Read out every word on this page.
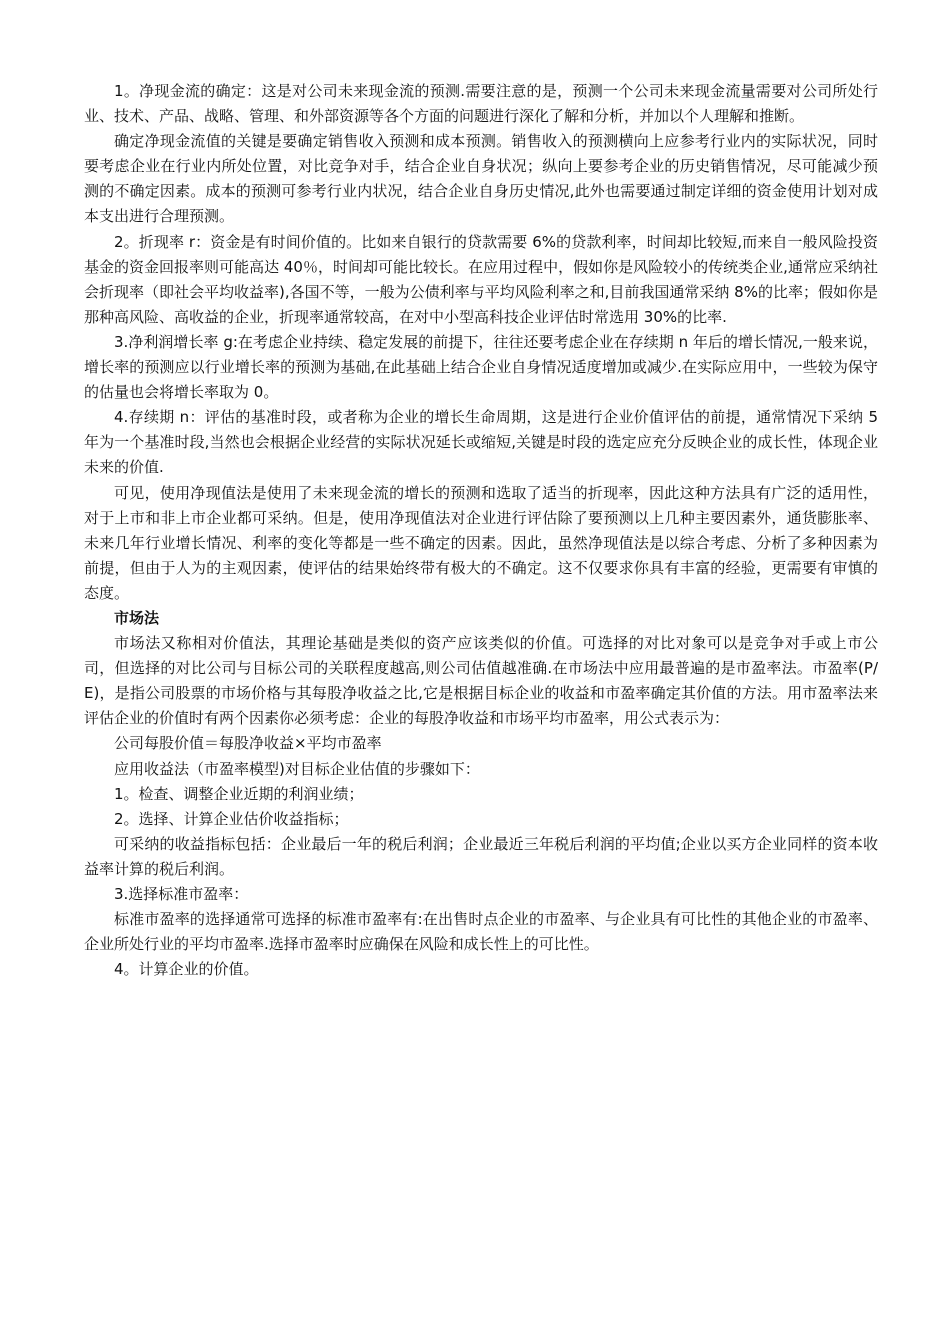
1。净现金流的确定：这是对公司未来现金流的预测.需要注意的是，预测一个公司未来现金流量需要对公司所处行业、技术、产品、战略、管理、和外部资源等各个方面的问题进行深化了解和分析，并加以个人理解和推断。

确定净现金流值的关键是要确定销售收入预测和成本预测。销售收入的预测横向上应参考行业内的实际状况，同时要考虑企业在行业内所处位置，对比竞争对手，结合企业自身状况；纵向上要参考企业的历史销售情况，尽可能减少预测的不确定因素。成本的预测可参考行业内状况，结合企业自身历史情况,此外也需要通过制定详细的资金使用计划对成本支出进行合理预测。

2。折现率 r：资金是有时间价值的。比如来自银行的贷款需要 6%的贷款利率，时间却比较短,而来自一般风险投资基金的资金回报率则可能高达 40％，时间却可能比较长。在应用过程中，假如你是风险较小的传统类企业,通常应采纳社会折现率（即社会平均收益率),各国不等，一般为公债利率与平均风险利率之和,目前我国通常采纳 8%的比率；假如你是那种高风险、高收益的企业，折现率通常较高，在对中小型高科技企业评估时常选用 30%的比率.

3.净利润增长率 g:在考虑企业持续、稳定发展的前提下，往往还要考虑企业在存续期 n 年后的增长情况,一般来说，增长率的预测应以行业增长率的预测为基础,在此基础上结合企业自身情况适度增加或减少.在实际应用中，一些较为保守的估量也会将增长率取为 0。

4.存续期 n：评估的基准时段，或者称为企业的增长生命周期，这是进行企业价值评估的前提，通常情况下采纳 5 年为一个基准时段,当然也会根据企业经营的实际状况延长或缩短,关键是时段的选定应充分反映企业的成长性，体现企业未来的价值.

可见，使用净现值法是使用了未来现金流的增长的预测和选取了适当的折现率，因此这种方法具有广泛的适用性，对于上市和非上市企业都可采纳。但是，使用净现值法对企业进行评估除了要预测以上几种主要因素外，通货膨胀率、未来几年行业增长情况、利率的变化等都是一些不确定的因素。因此，虽然净现值法是以综合考虑、分析了多种因素为前提，但由于人为的主观因素，使评估的结果始终带有极大的不确定。这不仅要求你具有丰富的经验，更需要有审慎的态度。

市场法

市场法又称相对价值法，其理论基础是类似的资产应该类似的价值。可选择的对比对象可以是竞争对手或上市公司，但选择的对比公司与目标公司的关联程度越高,则公司估值越准确.在市场法中应用最普遍的是市盈率法。市盈率(P/E)，是指公司股票的市场价格与其每股净收益之比,它是根据目标企业的收益和市盈率确定其价值的方法。用市盈率法来评估企业的价值时有两个因素你必须考虑：企业的每股净收益和市场平均市盈率，用公式表示为：

公司每股价值＝每股净收益×平均市盈率

应用收益法（市盈率模型)对目标企业估值的步骤如下：

1。检查、调整企业近期的利润业绩；

2。选择、计算企业估价收益指标；

可采纳的收益指标包括：企业最后一年的税后利润；企业最近三年税后利润的平均值;企业以买方企业同样的资本收益率计算的税后利润。

3.选择标准市盈率：

标准市盈率的选择通常可选择的标准市盈率有:在出售时点企业的市盈率、与企业具有可比性的其他企业的市盈率、企业所处行业的平均市盈率.选择市盈率时应确保在风险和成长性上的可比性。

4。计算企业的价值。
